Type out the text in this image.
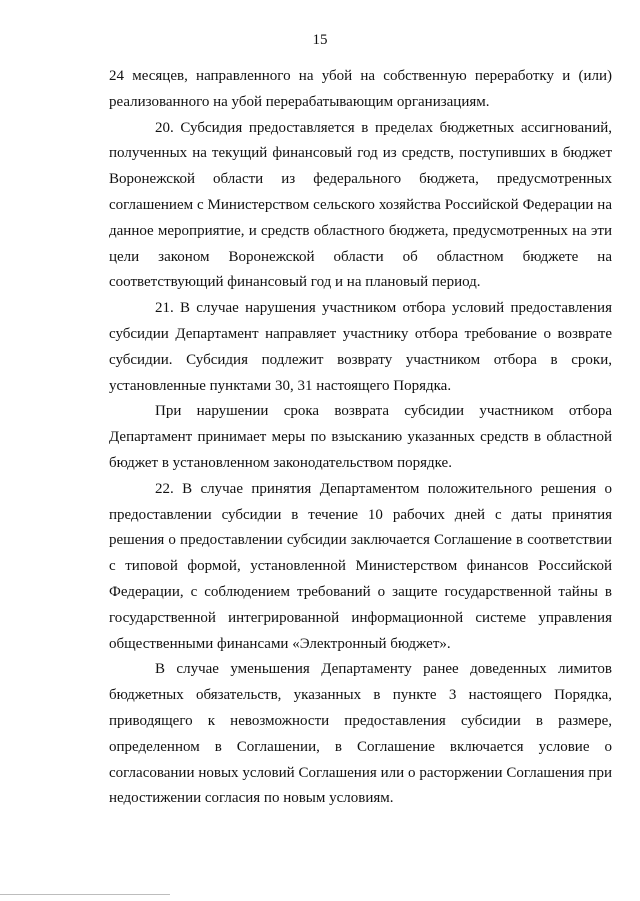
15

24 месяцев, направленного на убой на собственную переработку и (или) реализованного на убой перерабатывающим организациям.

20. Субсидия предоставляется в пределах бюджетных ассигнований, полученных на текущий финансовый год из средств, поступивших в бюджет Воронежской области из федерального бюджета, предусмотренных соглашением с Министерством сельского хозяйства Российской Федерации на данное мероприятие, и средств областного бюджета, предусмотренных на эти цели законом Воронежской области об областном бюджете на соответствующий финансовый год и на плановый период.

21. В случае нарушения участником отбора условий предоставления субсидии Департамент направляет участнику отбора требование о возврате субсидии. Субсидия подлежит возврату участником отбора в сроки, установленные пунктами 30, 31 настоящего Порядка.

При нарушении срока возврата субсидии участником отбора Департамент принимает меры по взысканию указанных средств в областной бюджет в установленном законодательством порядке.

22. В случае принятия Департаментом положительного решения о предоставлении субсидии в течение 10 рабочих дней с даты принятия решения о предоставлении субсидии заключается Соглашение в соответствии с типовой формой, установленной Министерством финансов Российской Федерации, с соблюдением требований о защите государственной тайны в государственной интегрированной информационной системе управления общественными финансами «Электронный бюджет».

В случае уменьшения Департаменту ранее доведенных лимитов бюджетных обязательств, указанных в пункте 3 настоящего Порядка, приводящего к невозможности предоставления субсидии в размере, определенном в Соглашении, в Соглашение включается условие о согласовании новых условий Соглашения или о расторжении Соглашения при недостижении согласия по новым условиям.
